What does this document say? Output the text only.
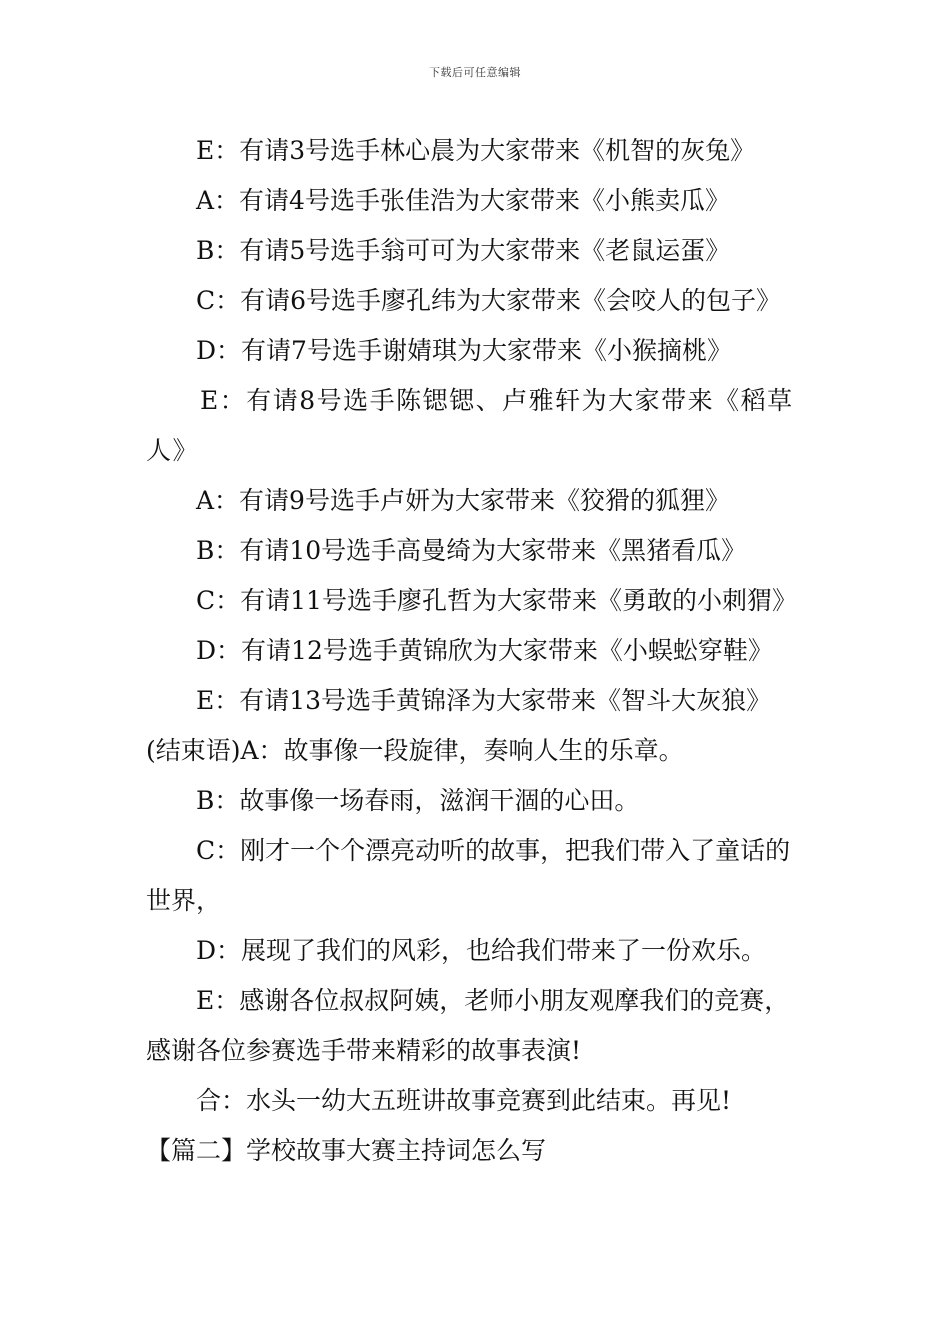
下载后可任意编辑

E：有请3号选手林心晨为大家带来《机智的灰兔》

A：有请4号选手张佳浩为大家带来《小熊卖瓜》

B：有请5号选手翁可可为大家带来《老鼠运蛋》

C：有请6号选手廖孔纬为大家带来《会咬人的包子》

D：有请7号选手谢婧琪为大家带来《小猴摘桃》

E：有请8号选手陈锶锶、卢雅轩为大家带来《稻草人》

A：有请9号选手卢妍为大家带来《狡猾的狐狸》

B：有请10号选手高曼绮为大家带来《黑猪看瓜》

C：有请11号选手廖孔哲为大家带来《勇敢的小刺猬》

D：有请12号选手黄锦欣为大家带来《小蜈蚣穿鞋》

E：有请13号选手黄锦泽为大家带来《智斗大灰狼》

(结束语)A：故事像一段旋律，奏响人生的乐章。

B：故事像一场春雨，滋润干涸的心田。

C：刚才一个个漂亮动听的故事，把我们带入了童话的世界，

D：展现了我们的风彩，也给我们带来了一份欢乐。

E：感谢各位叔叔阿姨，老师小朋友观摩我们的竞赛，感谢各位参赛选手带来精彩的故事表演!

合：水头一幼大五班讲故事竞赛到此结束。再见!

【篇二】学校故事大赛主持词怎么写
